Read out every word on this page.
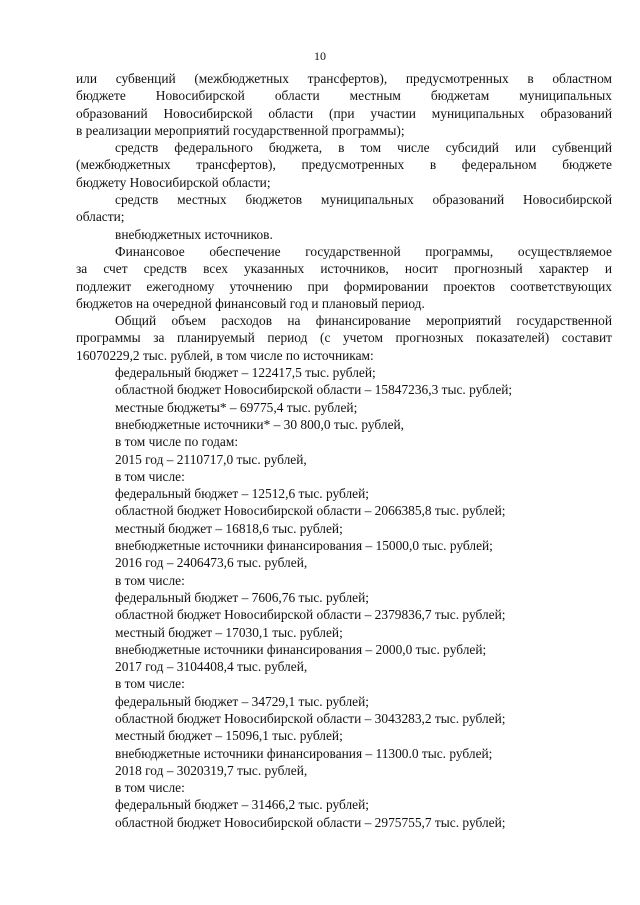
10
или субвенций (межбюджетных трансфертов), предусмотренных в областном
бюджете Новосибирской области местным бюджетам муниципальных
образований Новосибирской области (при участии муниципальных образований
в реализации мероприятий государственной программы);
средств федерального бюджета, в том числе субсидий или субвенций
(межбюджетных трансфертов), предусмотренных в федеральном бюджете
бюджету Новосибирской области;
средств местных бюджетов муниципальных образований Новосибирской
области;
внебюджетных источников.
Финансовое обеспечение государственной программы, осуществляемое
за счет средств всех указанных источников, носит прогнозный характер и
подлежит ежегодному уточнению при формировании проектов соответствующих
бюджетов на очередной финансовый год и плановый период.
Общий объем расходов на финансирование мероприятий государственной
программы за планируемый период (с учетом прогнозных показателей) составит
16070229,2 тыс. рублей, в том числе по источникам:
федеральный бюджет – 122417,5 тыс. рублей;
областной бюджет Новосибирской области – 15847236,3 тыс. рублей;
местные бюджеты* – 69775,4 тыс. рублей;
внебюджетные источники* – 30 800,0 тыс. рублей,
в том числе по годам:
2015 год – 2110717,0 тыс. рублей,
в том числе:
федеральный бюджет – 12512,6 тыс. рублей;
областной бюджет Новосибирской области – 2066385,8 тыс. рублей;
местный бюджет – 16818,6 тыс. рублей;
внебюджетные источники финансирования – 15000,0 тыс. рублей;
2016 год – 2406473,6 тыс. рублей,
в том числе:
федеральный бюджет – 7606,76 тыс. рублей;
областной бюджет Новосибирской области – 2379836,7 тыс. рублей;
местный бюджет – 17030,1 тыс. рублей;
внебюджетные источники финансирования – 2000,0 тыс. рублей;
2017 год – 3104408,4 тыс. рублей,
в том числе:
федеральный бюджет – 34729,1 тыс. рублей;
областной бюджет Новосибирской области – 3043283,2 тыс. рублей;
местный бюджет – 15096,1 тыс. рублей;
внебюджетные источники финансирования – 11300.0 тыс. рублей;
2018 год – 3020319,7 тыс. рублей,
в том числе:
федеральный бюджет – 31466,2 тыс. рублей;
областной бюджет Новосибирской области – 2975755,7 тыс. рублей;
